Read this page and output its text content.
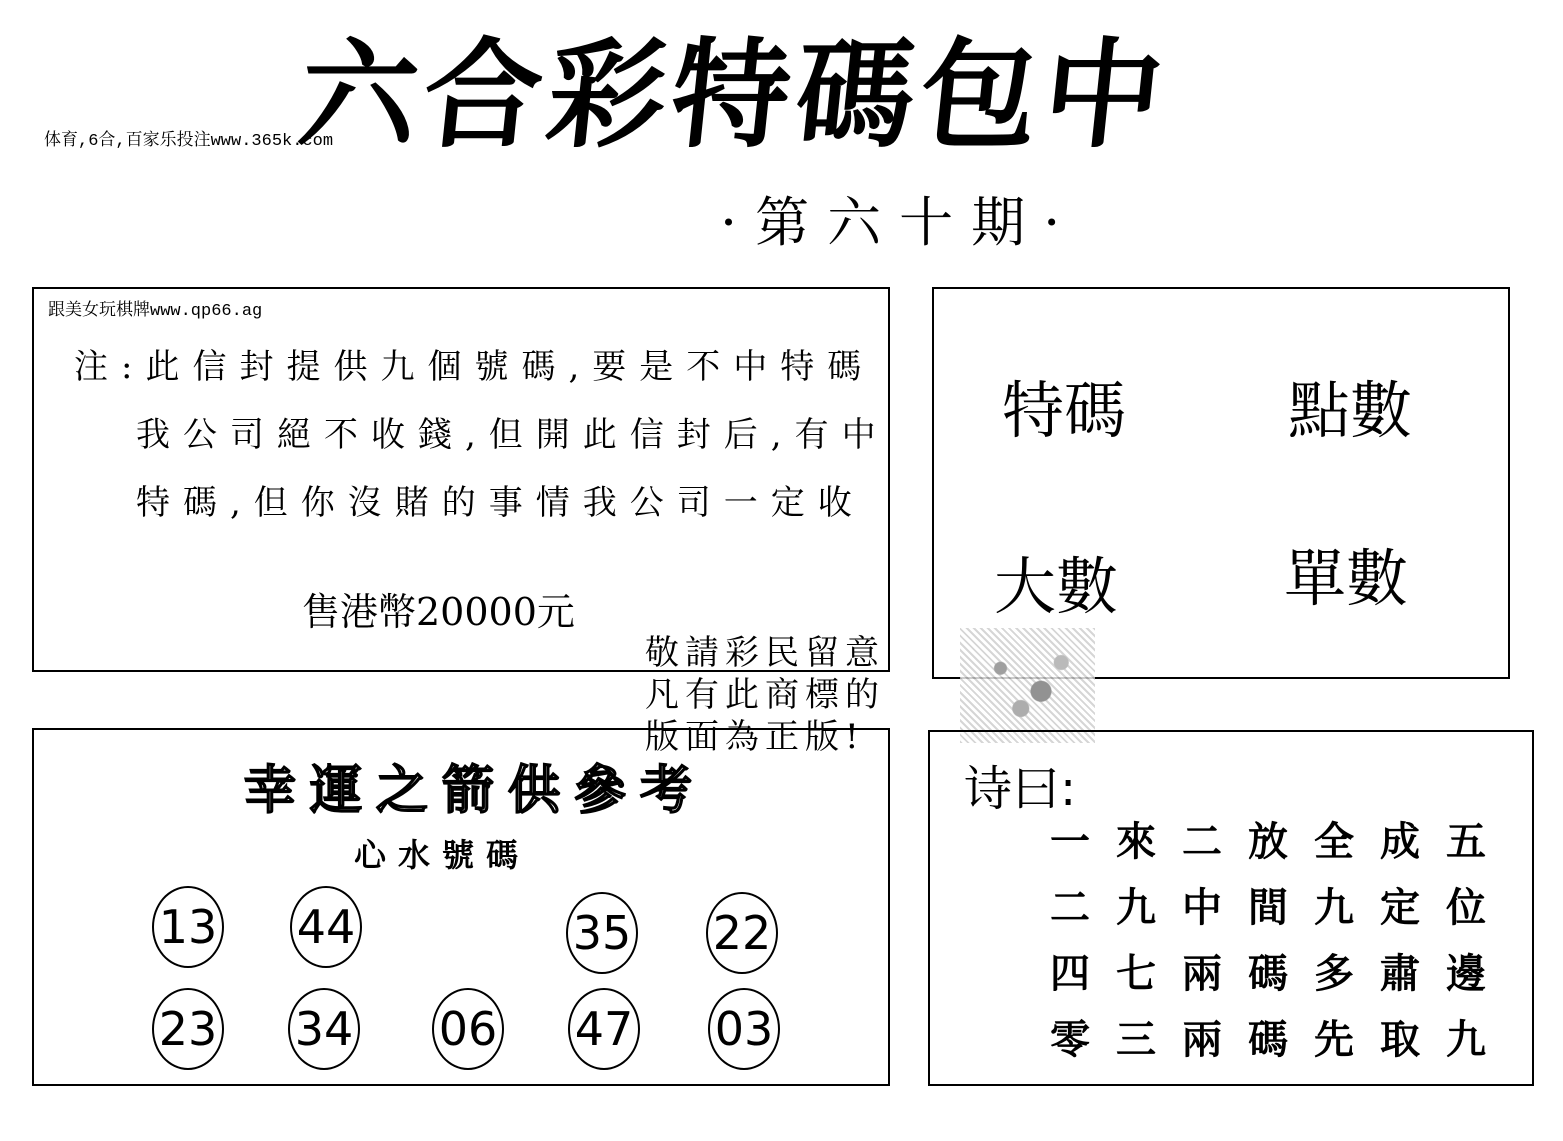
六合彩特碼包中
体育,6合,百家乐投注www.365k.com
·第六十期·
跟美女玩棋牌www.qp66.ag
注:此信封提供九個號碼,要是不中特碼
我公司絕不收錢,但開此信封后,有中
特碼,但你沒賭的事情我公司一定收
售港幣20000元
特碼	點數
大數	單數
敬請彩民留意
凡有此商標的
版面為正版!
幸運之箭供參考
心水號碼
13 44	35 22
23 34 06 47 03
诗曰:
一來二放全成五
二九中間九定位
四七兩碼多肅邊
零三兩碼先取九
